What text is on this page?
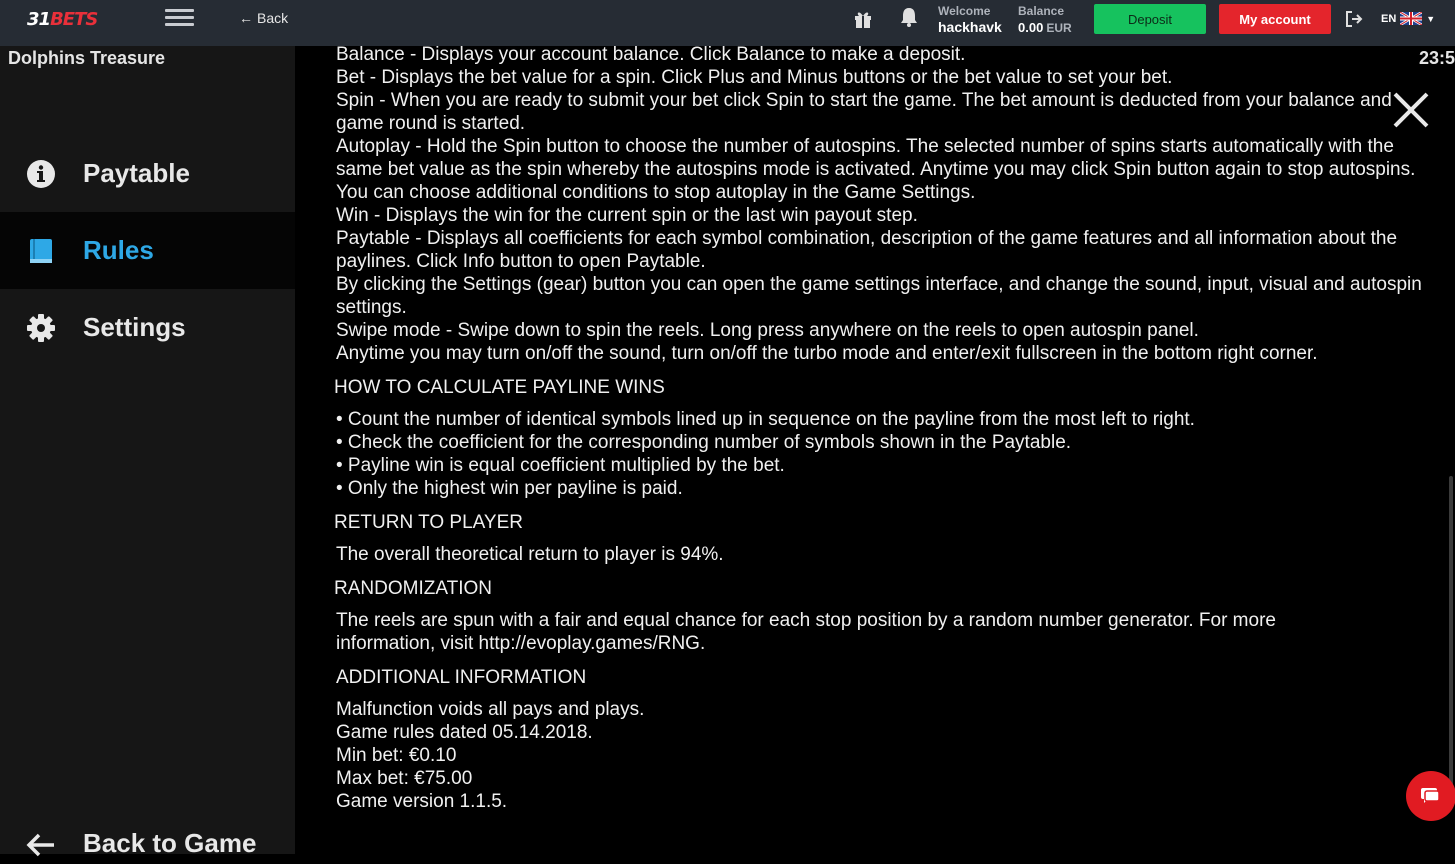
31BETS	← Back	Welcome
hackhavk
Balance
0.00 EUR
Deposit	My account	EN	▼
Dolphins Treasure
Paytable
Rules
Settings
Back to Game
Balance - Displays your account balance. Click Balance to make a deposit.
Bet - Displays the bet value for a spin. Click Plus and Minus buttons or the bet value to set your bet.
Spin - When you are ready to submit your bet click Spin to start the game. The bet amount is deducted from your balance and game round is started.
Autoplay - Hold the Spin button to choose the number of autospins. The selected number of spins starts automatically with the same bet value as the spin whereby the autospins mode is activated. Anytime you may click Spin button again to stop autospins. You can choose additional conditions to stop autoplay in the Game Settings.
Win - Displays the win for the current spin or the last win payout step.
Paytable - Displays all coefficients for each symbol combination, description of the game features and all information about the paylines. Click Info button to open Paytable.
By clicking the Settings (gear) button you can open the game settings interface, and change the sound, input, visual and autospin settings.
Swipe mode - Swipe down to spin the reels. Long press anywhere on the reels to open autospin panel.
Anytime you may turn on/off the sound, turn on/off the turbo mode and enter/exit fullscreen in the bottom right corner.
HOW TO CALCULATE PAYLINE WINS
• Count the number of identical symbols lined up in sequence on the payline from the most left to right.
• Check the coefficient for the corresponding number of symbols shown in the Paytable.
• Payline win is equal coefficient multiplied by the bet.
• Only the highest win per payline is paid.
RETURN TO PLAYER
The overall theoretical return to player is 94%.
RANDOMIZATION
The reels are spun with a fair and equal chance for each stop position by a random number generator. For more information, visit http://evoplay.games/RNG.
ADDITIONAL INFORMATION
Malfunction voids all pays and plays.
Game rules dated 05.14.2018.
Min bet: €0.10
Max bet: €75.00
Game version 1.1.5.
23:5
